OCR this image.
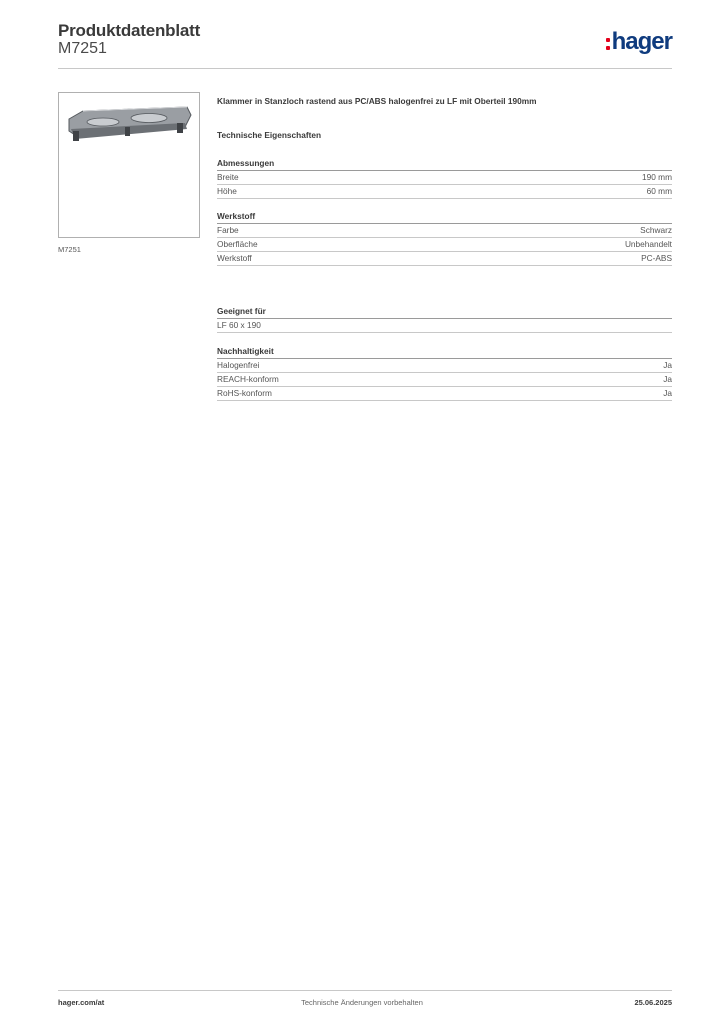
Produktdatenblatt
M7251	hager
M7251
Klammer in Stanzloch rastend aus PC/ABS halogenfrei zu LF mit Oberteil 190mm
Technische Eigenschaften
Abmessungen
Breite	190 mm
Höhe	60 mm
Werkstoff
Farbe	Schwarz
Oberfläche	Unbehandelt
Werkstoff	PC-ABS
Geeignet für
LF 60 x 190
Nachhaltigkeit
Halogenfrei	Ja
REACH-konform	Ja
RoHS-konform	Ja
hager.com/at	Technische Änderungen vorbehalten	25.06.2025
